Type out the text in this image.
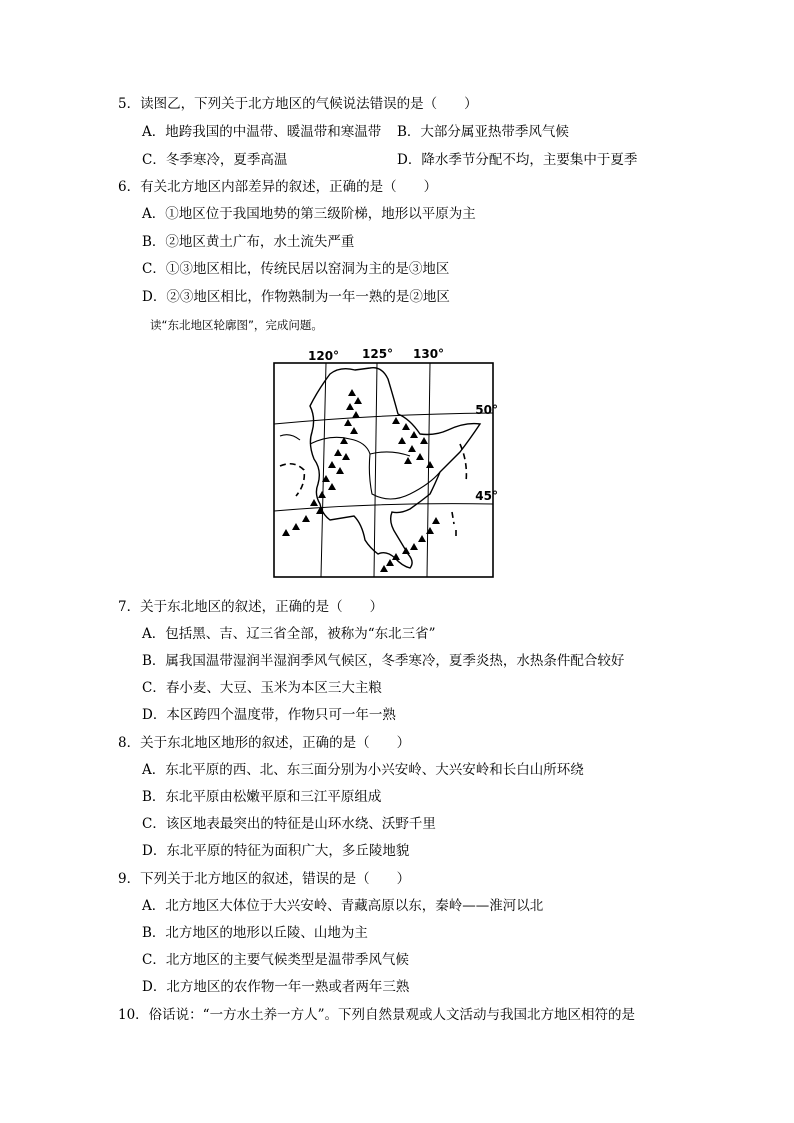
5．读图乙，下列关于北方地区的气候说法错误的是（　　）
A．地跨我国的中温带、暖温带和寒温带 B．大部分属亚热带季风气候
C．冬季寒冷，夏季高温	D．降水季节分配不均，主要集中于夏季
6．有关北方地区内部差异的叙述，正确的是（　　）
A．①地区位于我国地势的第三级阶梯，地形以平原为主
B．②地区黄土广布，水土流失严重
C．①③地区相比，传统民居以窑洞为主的是③地区
D．②③地区相比，作物熟制为一年一熟的是②地区
读“东北地区轮廓图”，完成问题。
120° 125° 130°
50°
45°
7．关于东北地区的叙述，正确的是（　　）
A．包括黑、吉、辽三省全部，被称为“东北三省”
B．属我国温带湿润半湿润季风气候区，冬季寒冷，夏季炎热，水热条件配合较好
C．春小麦、大豆、玉米为本区三大主粮
D．本区跨四个温度带，作物只可一年一熟
8．关于东北地区地形的叙述，正确的是（　　）
A．东北平原的西、北、东三面分别为小兴安岭、大兴安岭和长白山所环绕
B．东北平原由松嫩平原和三江平原组成
C．该区地表最突出的特征是山环水绕、沃野千里
D．东北平原的特征为面积广大，多丘陵地貌
9．下列关于北方地区的叙述，错误的是（　　）
A．北方地区大体位于大兴安岭、青藏高原以东，秦岭——淮河以北
B．北方地区的地形以丘陵、山地为主
C．北方地区的主要气候类型是温带季风气候
D．北方地区的农作物一年一熟或者两年三熟
10．俗话说：“一方水土养一方人”。下列自然景观或人文活动与我国北方地区相符的是
